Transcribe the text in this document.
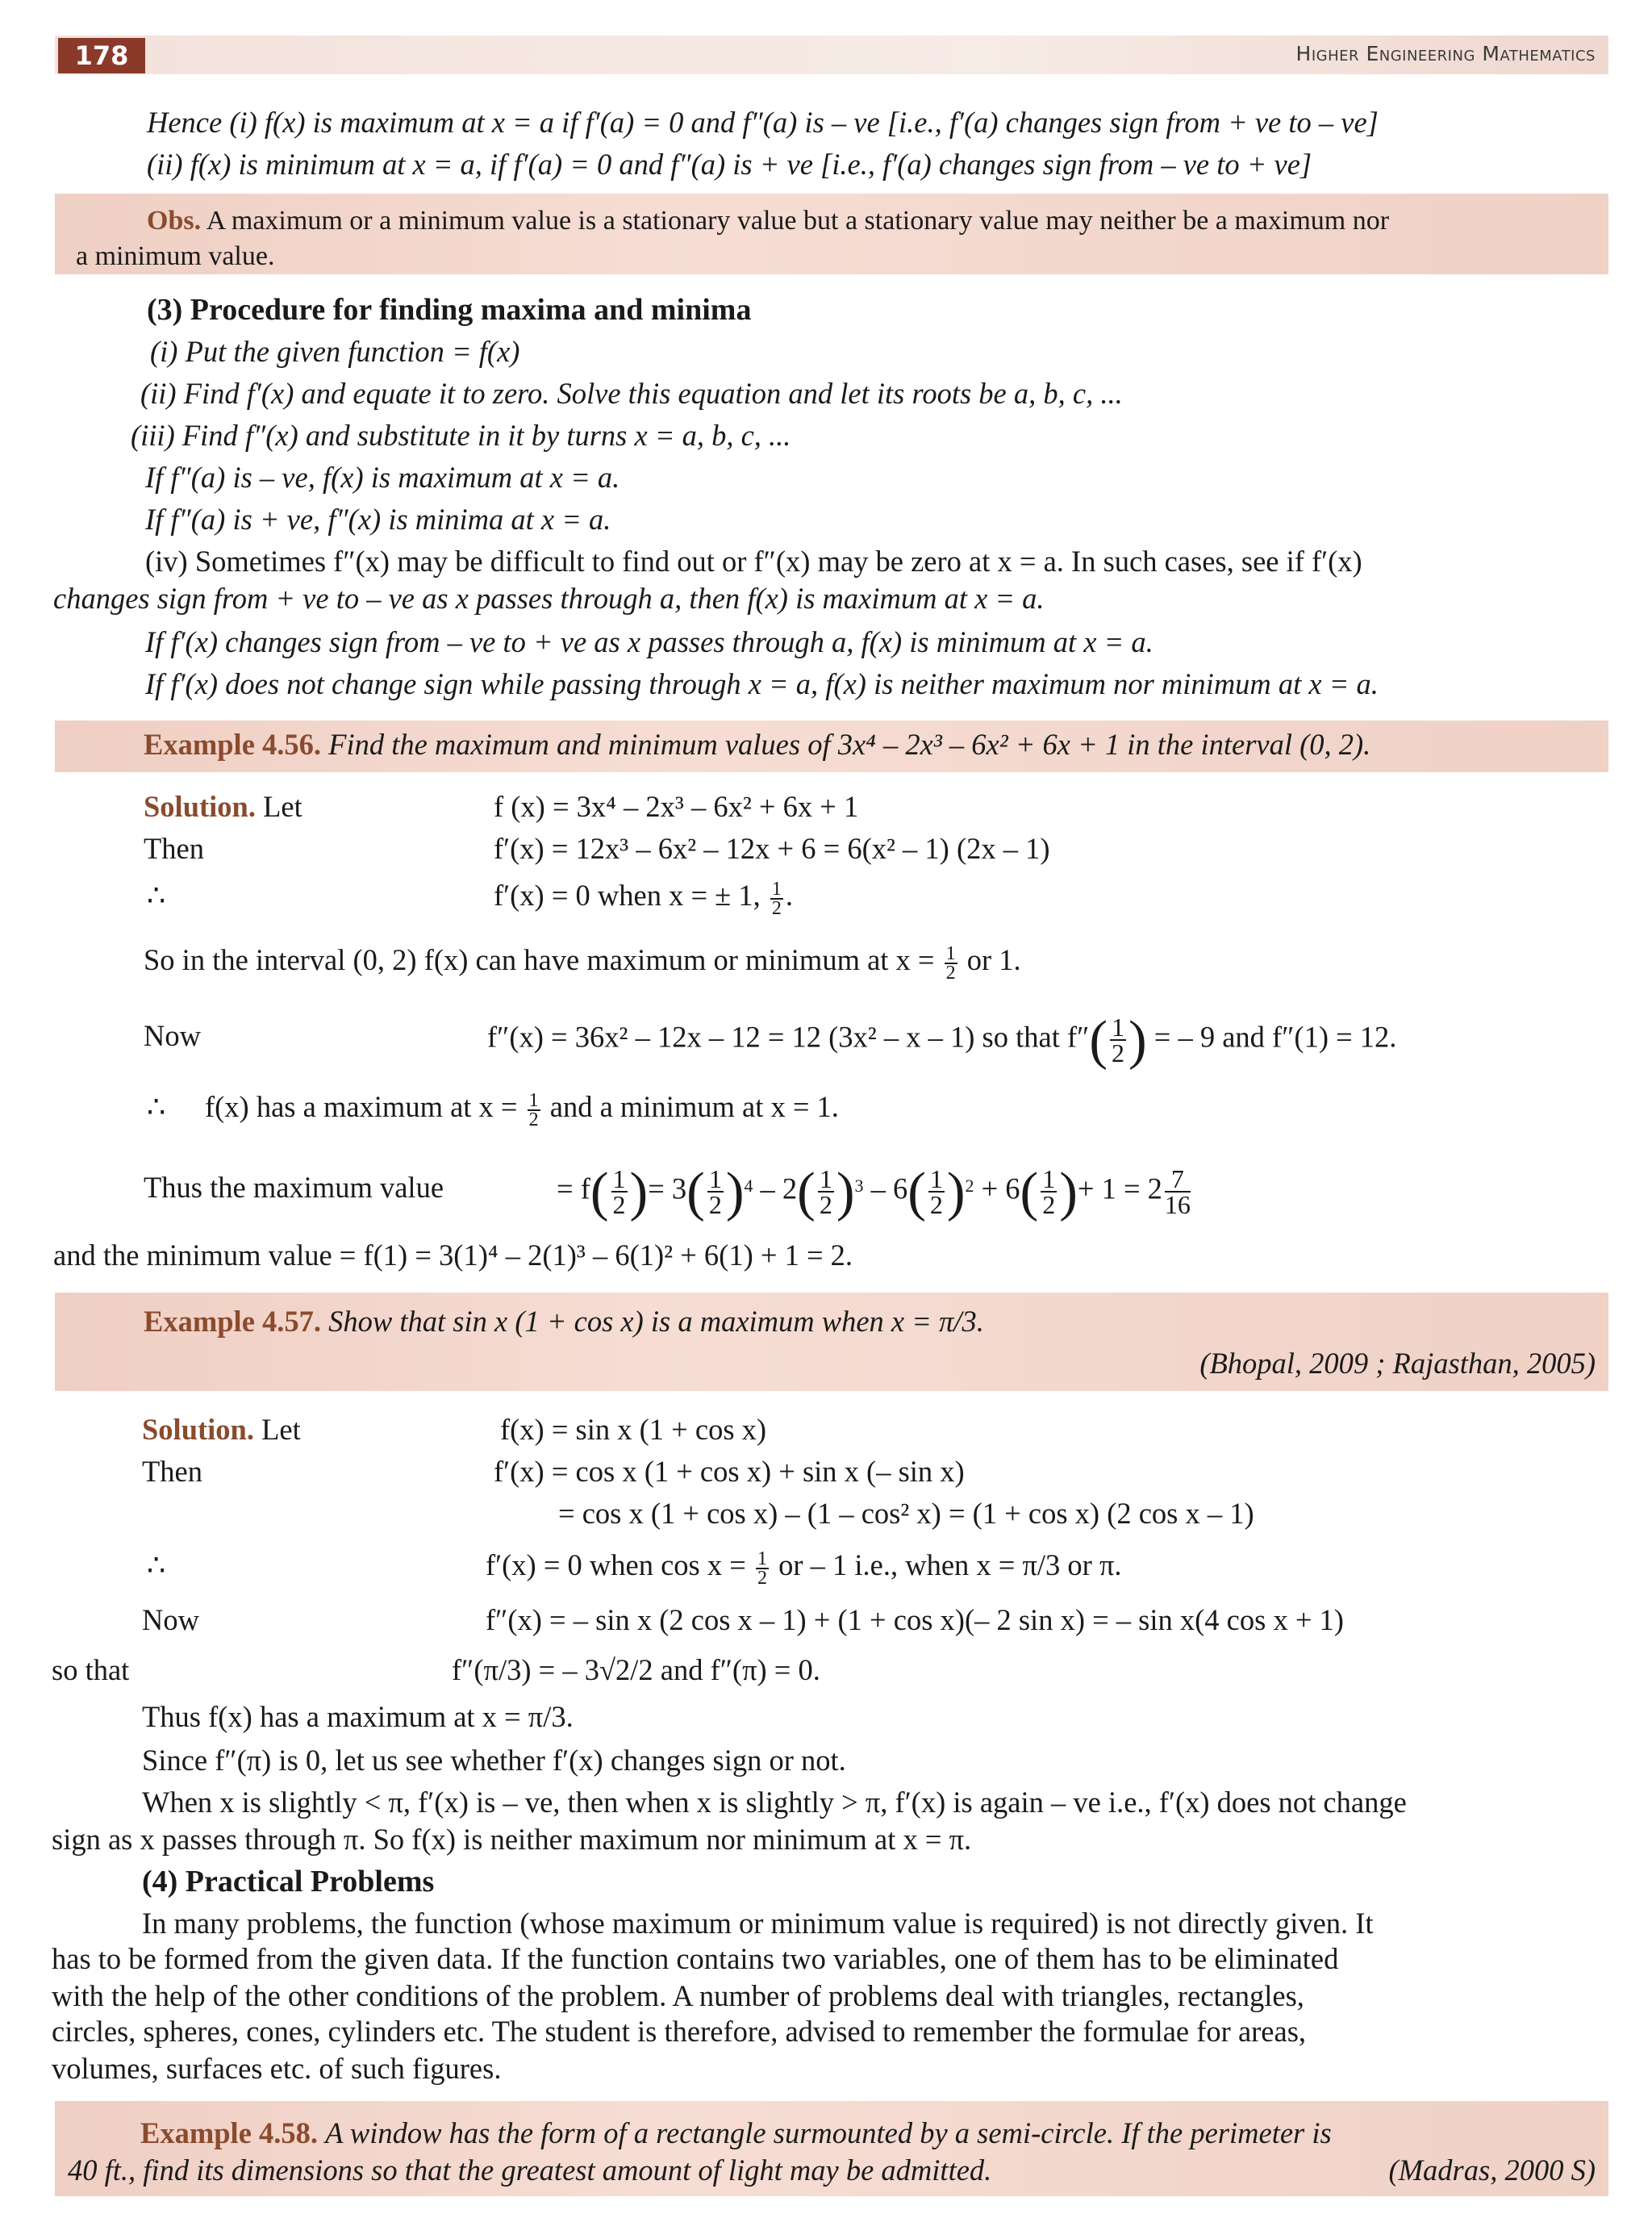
178	Higher Engineering Mathematics
Hence (i) f(x) is maximum at x = a if f′(a) = 0 and f″(a) is – ve [i.e., f′(a) changes sign from + ve to – ve]
(ii) f(x) is minimum at x = a, if f′(a) = 0 and f″(a) is + ve [i.e., f′(a) changes sign from – ve to + ve]
Obs. A maximum or a minimum value is a stationary value but a stationary value may neither be a maximum nor
a minimum value.
(3) Procedure for finding maxima and minima
(i) Put the given function = f(x)
(ii) Find f′(x) and equate it to zero. Solve this equation and let its roots be a, b, c, ...
(iii) Find f″(x) and substitute in it by turns x = a, b, c, ...
If f″(a) is – ve, f(x) is maximum at x = a.
If f″(a) is + ve, f″(x) is minima at x = a.
(iv) Sometimes f″(x) may be difficult to find out or f″(x) may be zero at x = a. In such cases, see if f′(x)
changes sign from + ve to – ve as x passes through a, then f(x) is maximum at x = a.
If f′(x) changes sign from – ve to + ve as x passes through a, f(x) is minimum at x = a.
If f′(x) does not change sign while passing through x = a, f(x) is neither maximum nor minimum at x = a.
Example 4.56. Find the maximum and minimum values of 3x⁴ – 2x³ – 6x² + 6x + 1 in the interval (0, 2).
Solution. Let	f (x) = 3x⁴ – 2x³ – 6x² + 6x + 1
Then	f′(x) = 12x³ – 6x² – 12x + 6 = 6(x² – 1) (2x – 1)
∴	f′(x) = 0 when x = ± 1, $\frac{1}{2}$ .
So in the interval (0, 2) f(x) can have maximum or minimum at $x = \frac{1}{2}$ or 1.
Now	f″(x) = 36x² – 12x – 12 = 12 (3x² – x – 1) so that $f''( \frac{1}{2}$ ) = – 9 and f″(1) = 12.
∴ f(x) has a maximum at $x = \frac{1}{2}$ and a minimum at x = 1.
Thus the maximum value	= $f( \frac{1}{2}$ )= $3( \frac{1}{2} )^4 - 2( \frac{1}{2} )^3 - 6( \frac{1}{2} )^2 + 6( \frac{1}{2}$ )+ $1 = 2 \frac{7}{16}$
and the minimum value = f(1) = 3(1)⁴ – 2(1)³ – 6(1)² + 6(1) + 1 = 2.
Example 4.57. Show that sin x (1 + cos x) is a maximum when x = π/3.
(Bhopal, 2009 ; Rajasthan, 2005)
Solution. Let	f(x) = sin x (1 + cos x)
Then	f′(x) = cos x (1 + cos x) + sin x (– sin x)
= cos x (1 + cos x) – (1 – cos² x) = (1 + cos x) (2 cos x – 1)
∴	f′(x) = 0 when $\cos x = \frac{1}{2}$ or – 1 i.e., when x = π/3 or π.
Now	f″(x) = – sin x (2 cos x – 1) + (1 + cos x)(– 2 sin x) = – sin x(4 cos x + 1)
so that	f″(π/3) = – 3√2/2 and f″(π) = 0.
Thus f(x) has a maximum at x = π/3.
Since f″(π) is 0, let us see whether f′(x) changes sign or not.
When x is slightly < π, f′(x) is – ve, then when x is slightly > π, f′(x) is again – ve i.e., f′(x) does not change
sign as x passes through π. So f(x) is neither maximum nor minimum at x = π.
(4) Practical Problems
In many problems, the function (whose maximum or minimum value is required) is not directly given. It
has to be formed from the given data. If the function contains two variables, one of them has to be eliminated
with the help of the other conditions of the problem. A number of problems deal with triangles, rectangles,
circles, spheres, cones, cylinders etc. The student is therefore, advised to remember the formulae for areas,
volumes, surfaces etc. of such figures.
Example 4.58. A window has the form of a rectangle surmounted by a semi-circle. If the perimeter is
40 ft., find its dimensions so that the greatest amount of light may be admitted.	(Madras, 2000 S)
